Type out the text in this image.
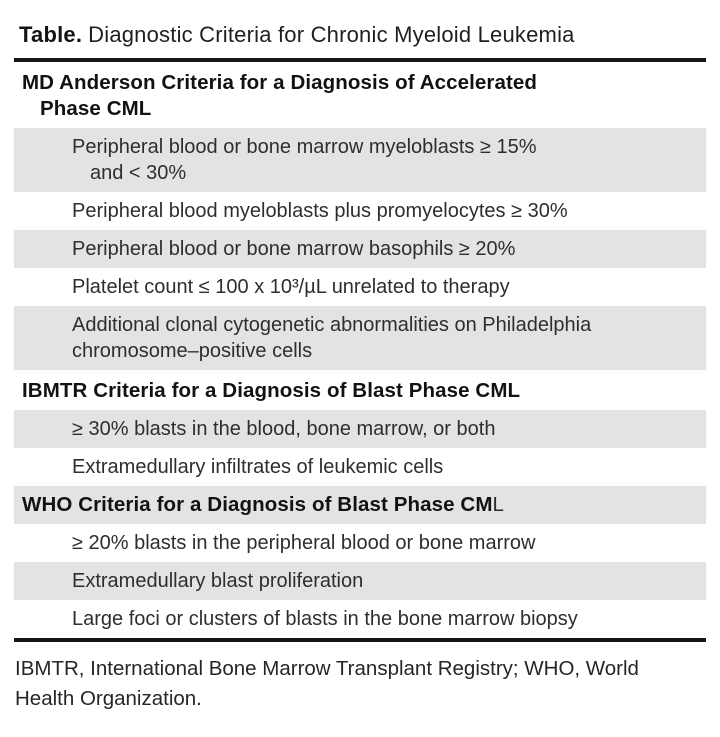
Table. Diagnostic Criteria for Chronic Myeloid Leukemia
MD Anderson Criteria for a Diagnosis of Accelerated
Phase CML
Peripheral blood or bone marrow myeloblasts ≥ 15%
and < 30%
Peripheral blood myeloblasts plus promyelocytes ≥ 30%
Peripheral blood or bone marrow basophils ≥ 20%
Platelet count ≤ 100 x 10³/µL unrelated to therapy
Additional clonal cytogenetic abnormalities on Philadelphia
chromosome–positive cells
IBMTR Criteria for a Diagnosis of Blast Phase CML
≥ 30% blasts in the blood, bone marrow, or both
Extramedullary infiltrates of leukemic cells
WHO Criteria for a Diagnosis of Blast Phase CML
≥ 20% blasts in the peripheral blood or bone marrow
Extramedullary blast proliferation
Large foci or clusters of blasts in the bone marrow biopsy
IBMTR, International Bone Marrow Transplant Registry; WHO, World Health Organization.
